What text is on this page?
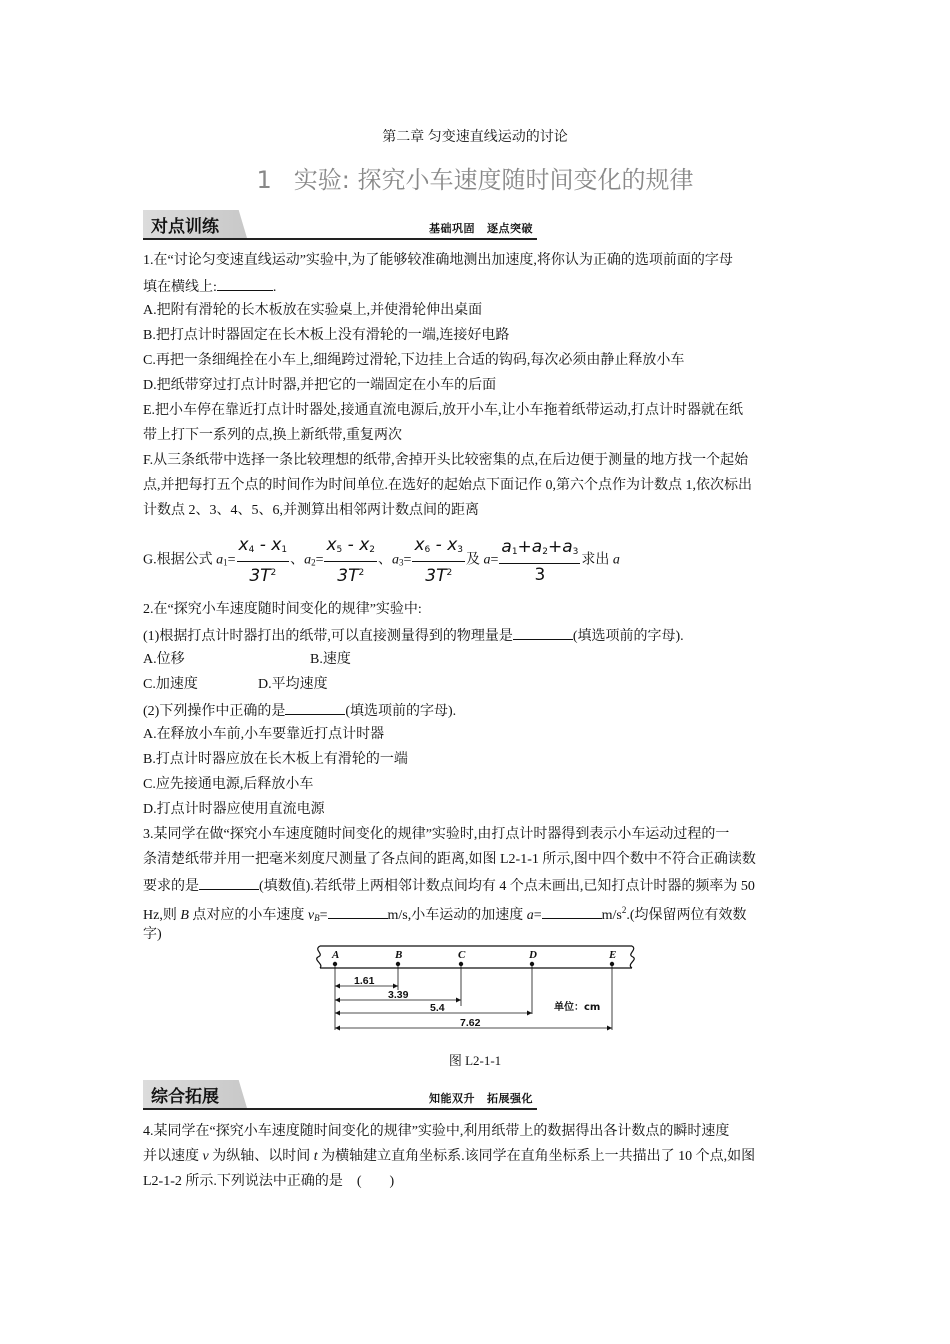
第二章 匀变速直线运动的讨论
1 实验: 探究小车速度随时间变化的规律
对点训练	基础巩固 逐点突破
1.在“讨论匀变速直线运动”实验中,为了能够较准确地测出加速度,将你认为正确的选项前面的字母
填在横线上:	.
A.把附有滑轮的长木板放在实验桌上,并使滑轮伸出桌面
B.把打点计时器固定在长木板上没有滑轮的一端,连接好电路
C.再把一条细绳拴在小车上,细绳跨过滑轮,下边挂上合适的钩码,每次必须由静止释放小车
D.把纸带穿过打点计时器,并把它的一端固定在小车的后面
E.把小车停在靠近打点计时器处,接通直流电源后,放开小车,让小车拖着纸带运动,打点计时器就在纸
带上打下一系列的点,换上新纸带,重复两次
F.从三条纸带中选择一条比较理想的纸带,舍掉开头比较密集的点,在后边便于测量的地方找一个起始
点,并把每打五个点的时间作为时间单位.在选好的起始点下面记作 0,第六个点作为计数点 1,依次标出
计数点 2、3、4、5、6,并测算出相邻两计数点间的距离
G.根据公式 $a_1= \frac{x_4 - x_1}{3T^2}$ 、$a_2= \frac{x_5 - x_2}{3T^2}$ 、$a_3= \frac{x_6 - x_3}{3T^2}$ 及 $a= \frac{a_1+a_2+a_3}{3}$ 求出 a
2.在“探究小车速度随时间变化的规律”实验中:
(1)根据打点计时器打出的纸带,可以直接测量得到的物理量是	(填选项前的字母).
A.位移	B.速度
C.加速度	D.平均速度
(2)下列操作中正确的是	(填选项前的字母).
A.在释放小车前,小车要靠近打点计时器
B.打点计时器应放在长木板上有滑轮的一端
C.应先接通电源,后释放小车
D.打点计时器应使用直流电源
3.某同学在做“探究小车速度随时间变化的规律”实验时,由打点计时器得到表示小车运动过程的一
条清楚纸带并用一把毫米刻度尺测量了各点间的距离,如图 L2-1-1 所示,图中四个数中不符合正确读数
要求的是	(填数值).若纸带上两相邻计数点间均有 4 个点未画出,已知打点计时器的频率为 50
Hz,则 B 点对应的小车速度 $v_B=$	m/s,小车运动的加速度 a=	$m/s^2$.(均保留两位有效数
字)
A	B	C	D	E
1.61
3.39
5.4
7.62
单位：cm
图 L2-1-1
综合拓展	知能双升 拓展强化
4.某同学在“探究小车速度随时间变化的规律”实验中,利用纸带上的数据得出各计数点的瞬时速度
并以速度 v 为纵轴、以时间 t 为横轴建立直角坐标系.该同学在直角坐标系上一共描出了 10 个点,如图
L2-1-2 所示.下列说法中正确的是　(　　)
